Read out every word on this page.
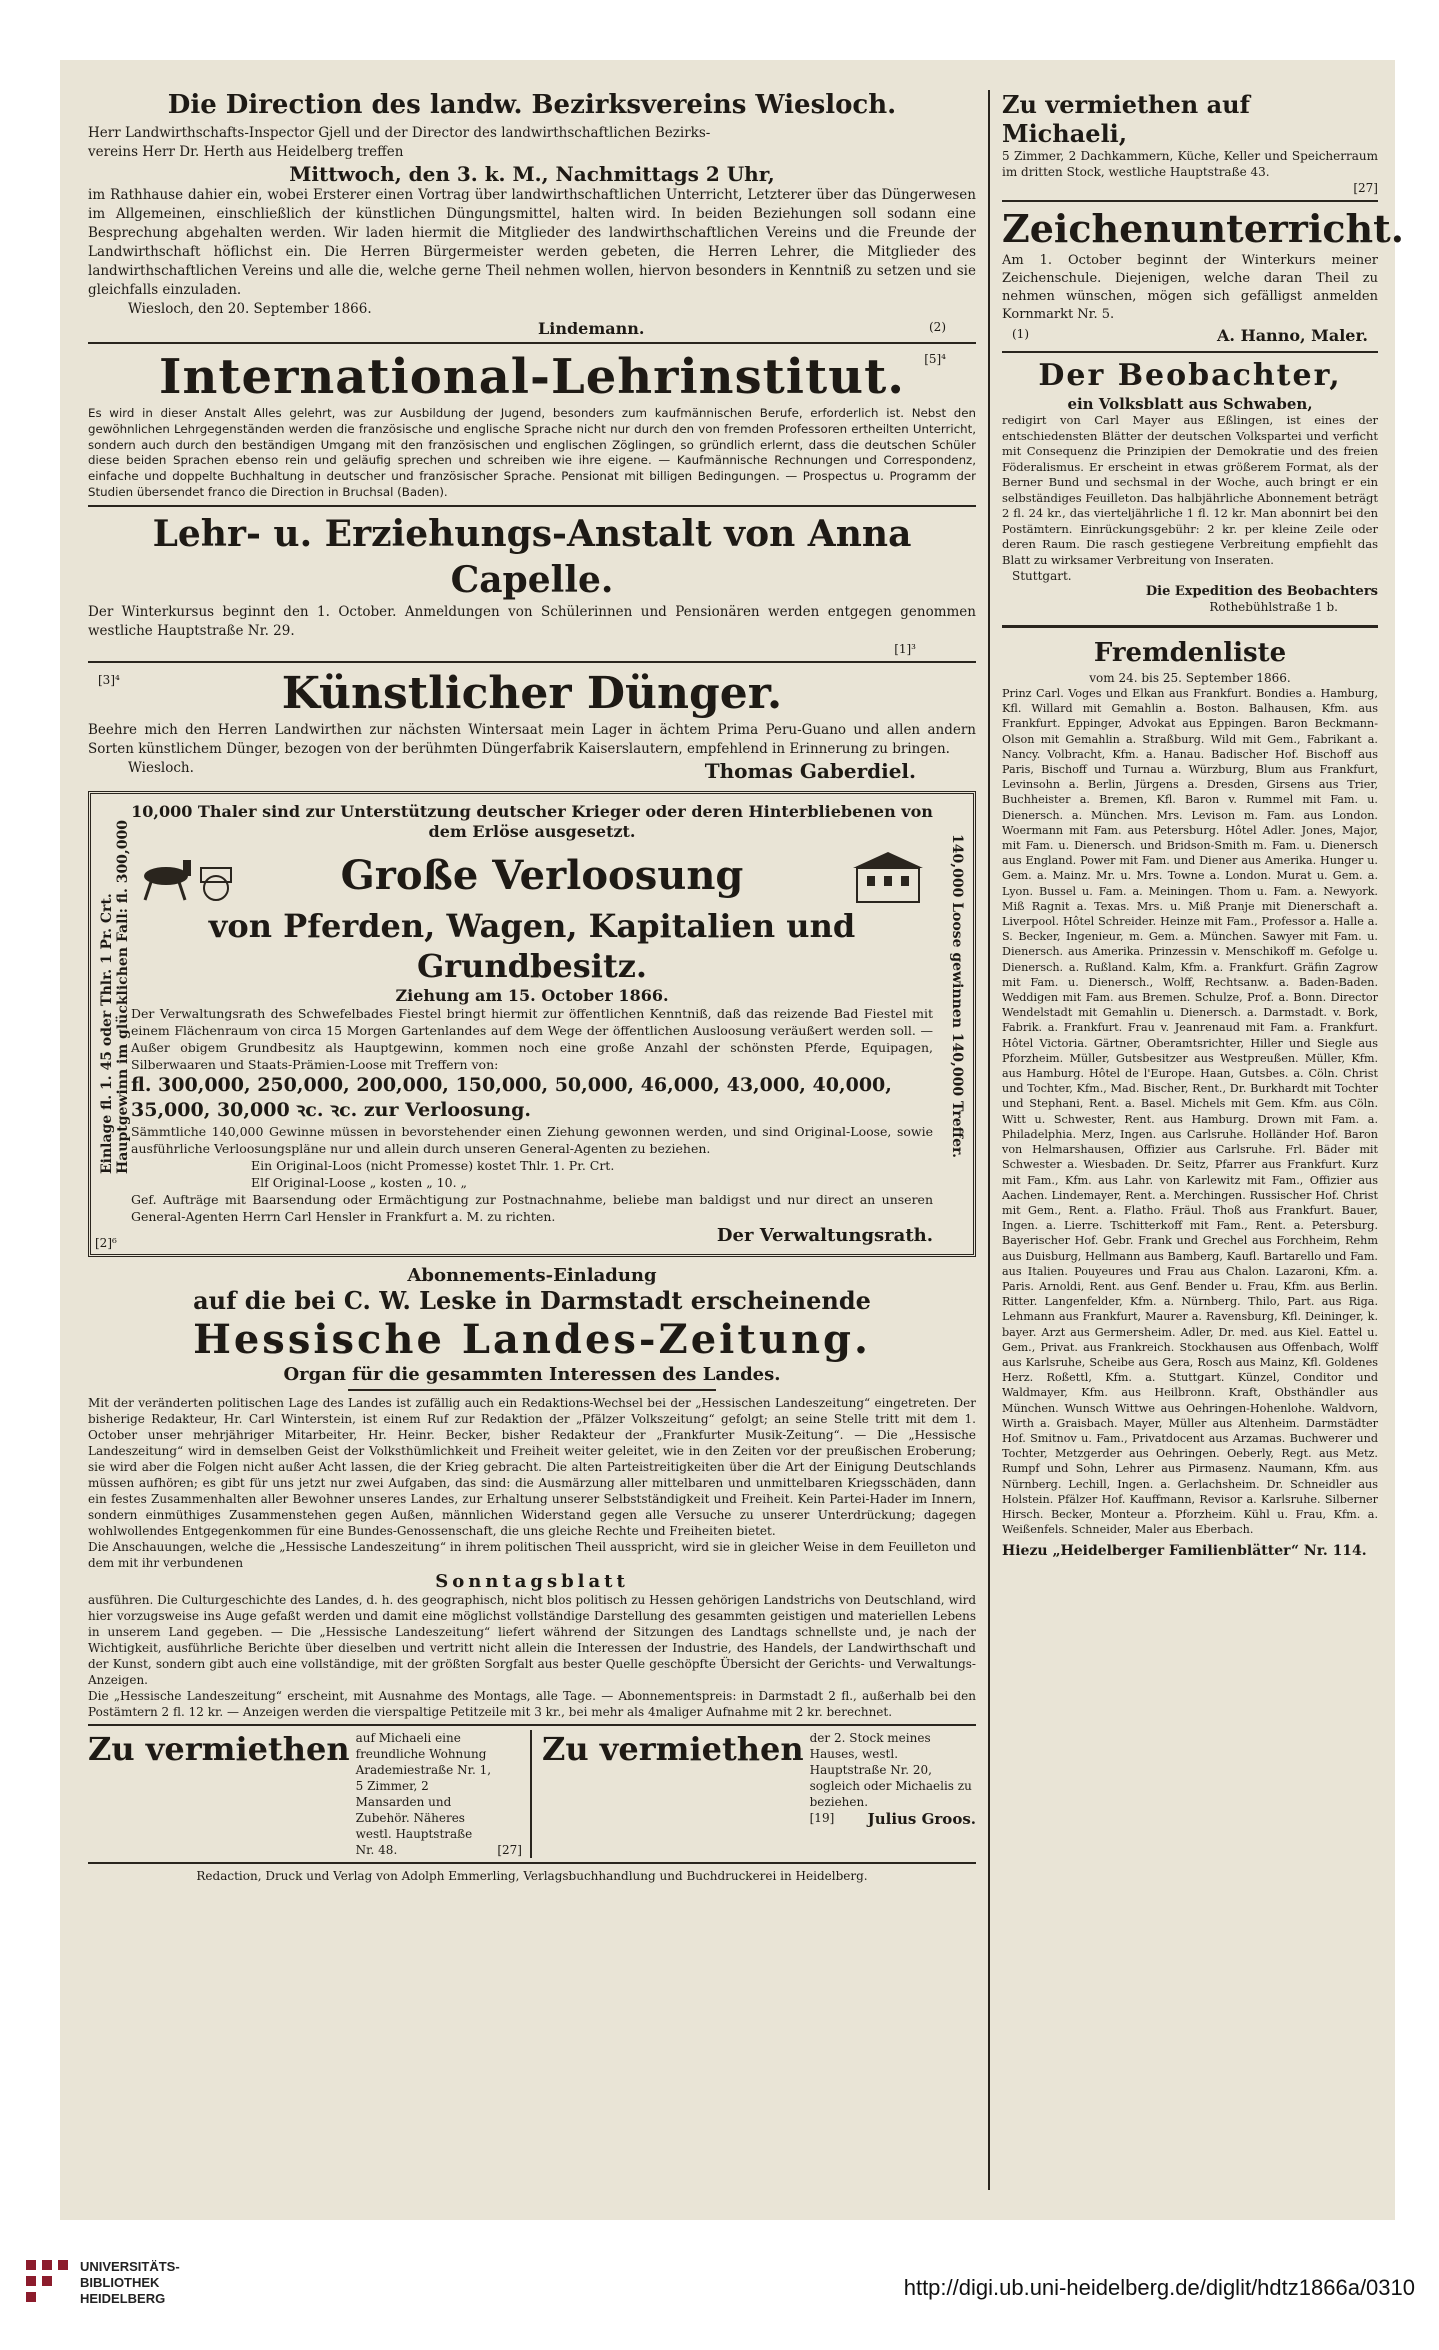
Die Direction des landw. Bezirksvereins Wiesloch.

Herr Landwirthschafts-Inspector Gjell und der Director des landwirthschaftlichen Bezirks-

vereins Herr Dr. Herth aus Heidelberg treffen

Mittwoch, den 3. k. M., Nachmittags 2 Uhr,

im Rathhause dahier ein, wobei Ersterer einen Vortrag über landwirthschaftlichen Unterricht, Letzterer über das Düngerwesen im Allgemeinen, einschließlich der künstlichen Düngungsmittel, halten wird. In beiden Beziehungen soll sodann eine Besprechung abgehalten werden. Wir laden hiermit die Mitglieder des landwirthschaftlichen Vereins und die Freunde der Landwirthschaft höflichst ein. Die Herren Bürgermeister werden gebeten, die Herren Lehrer, die Mitglieder des landwirthschaftlichen Vereins und alle die, welche gerne Theil nehmen wollen, hiervon besonders in Kenntniß zu setzen und sie gleichfalls einzuladen.

Wiesloch, den 20. September 1866.

Lindemann.	(2)

International-Lehrinstitut.	[5]⁴

Es wird in dieser Anstalt Alles gelehrt, was zur Ausbildung der Jugend, besonders zum kaufmännischen Berufe, erforderlich ist. Nebst den gewöhnlichen Lehrgegenständen werden die französische und englische Sprache nicht nur durch den von fremden Professoren ertheilten Unterricht, sondern auch durch den beständigen Umgang mit den französischen und englischen Zöglingen, so gründlich erlernt, dass die deutschen Schüler diese beiden Sprachen ebenso rein und geläufig sprechen und schreiben wie ihre eigene. — Kaufmännische Rechnungen und Correspondenz, einfache und doppelte Buchhaltung in deutscher und französischer Sprache. Pensionat mit billigen Bedingungen. — Prospectus u. Programm der Studien übersendet franco die Direction in Bruchsal (Baden).

Lehr- u. Erziehungs-Anstalt von Anna Capelle.

Der Winterkursus beginnt den 1. October. Anmeldungen von Schülerinnen und Pensionären werden entgegen genommen westliche Hauptstraße Nr. 29.

[1]³

[3]⁴	Künstlicher Dünger.

Beehre mich den Herren Landwirthen zur nächsten Wintersaat mein Lager in ächtem Prima Peru-Guano und allen andern Sorten künstlichem Dünger, bezogen von der berühmten Düngerfabrik Kaiserslautern, empfehlend in Erinnerung zu bringen.

Wiesloch.	Thomas Gaberdiel.
Einlage fl. 1. 45 oder Thlr. 1 Pr. Crt. Hauptgewinn im glücklichen Fall: fl. 300,000	140,000 Loose gewinnen 140,000 Treffer.

10,000 Thaler sind zur Unterstützung deutscher Krieger oder deren Hinterbliebenen von dem Erlöse ausgesetzt.

Große Verloosung

von Pferden, Wagen, Kapitalien und Grundbesitz.

Ziehung am 15. October 1866.

Der Verwaltungsrath des Schwefelbades Fiestel bringt hiermit zur öffentlichen Kenntniß, daß das reizende Bad Fiestel mit einem Flächenraum von circa 15 Morgen Gartenlandes auf dem Wege der öffentlichen Ausloosung veräußert werden soll. — Außer obigem Grundbesitz als Hauptgewinn, kommen noch eine große Anzahl der schönsten Pferde, Equipagen, Silberwaaren und Staats-Prämien-Loose mit Treffern von:

fl. 300,000, 250,000, 200,000, 150,000, 50,000, 46,000, 43,000, 40,000, 35,000, 30,000 ꝛc. ꝛc. zur Verloosung.

Sämmtliche 140,000 Gewinne müssen in bevorstehender einen Ziehung gewonnen werden, und sind Original-Loose, sowie ausführliche Verloosungspläne nur und allein durch unseren General-Agenten zu beziehen.

Ein Original-Loos (nicht Promesse) kostet Thlr. 1. Pr. Crt.

Elf Original-Loose „ kosten „ 10. „

Gef. Aufträge mit Baarsendung oder Ermächtigung zur Postnachnahme, beliebe man baldigst und nur direct an unseren General-Agenten Herrn Carl Hensler in Frankfurt a. M. zu richten.

Der Verwaltungsrath.

[2]⁶

Abonnements-Einladung

auf die bei C. W. Leske in Darmstadt erscheinende

Hessische Landes-Zeitung.

Organ für die gesammten Interessen des Landes.

Mit der veränderten politischen Lage des Landes ist zufällig auch ein Redaktions-Wechsel bei der „Hessischen Landeszeitung“ eingetreten. Der bisherige Redakteur, Hr. Carl Winterstein, ist einem Ruf zur Redaktion der „Pfälzer Volkszeitung“ gefolgt; an seine Stelle tritt mit dem 1. October unser mehrjähriger Mitarbeiter, Hr. Heinr. Becker, bisher Redakteur der „Frankfurter Musik-Zeitung“. — Die „Hessische Landeszeitung“ wird in demselben Geist der Volksthümlichkeit und Freiheit weiter geleitet, wie in den Zeiten vor der preußischen Eroberung; sie wird aber die Folgen nicht außer Acht lassen, die der Krieg gebracht. Die alten Parteistreitigkeiten über die Art der Einigung Deutschlands müssen aufhören; es gibt für uns jetzt nur zwei Aufgaben, das sind: die Ausmärzung aller mittelbaren und unmittelbaren Kriegsschäden, dann ein festes Zusammenhalten aller Bewohner unseres Landes, zur Erhaltung unserer Selbstständigkeit und Freiheit. Kein Partei-Hader im Innern, sondern einmüthiges Zusammenstehen gegen Außen, männlichen Widerstand gegen alle Versuche zu unserer Unterdrückung; dagegen wohlwollendes Entgegenkommen für eine Bundes-Genossenschaft, die uns gleiche Rechte und Freiheiten bietet.

Die Anschauungen, welche die „Hessische Landeszeitung“ in ihrem politischen Theil ausspricht, wird sie in gleicher Weise in dem Feuilleton und dem mit ihr verbundenen

Sonntagsblatt

ausführen. Die Culturgeschichte des Landes, d. h. des geographisch, nicht blos politisch zu Hessen gehörigen Landstrichs von Deutschland, wird hier vorzugsweise ins Auge gefaßt werden und damit eine möglichst vollständige Darstellung des gesammten geistigen und materiellen Lebens in unserem Land gegeben. — Die „Hessische Landeszeitung“ liefert während der Sitzungen des Landtags schnellste und, je nach der Wichtigkeit, ausführliche Berichte über dieselben und vertritt nicht allein die Interessen der Industrie, des Handels, der Landwirthschaft und der Kunst, sondern gibt auch eine vollständige, mit der größten Sorgfalt aus bester Quelle geschöpfte Übersicht der Gerichts- und Verwaltungs-Anzeigen.

Die „Hessische Landeszeitung“ erscheint, mit Ausnahme des Montags, alle Tage. — Abonnementspreis: in Darmstadt 2 fl., außerhalb bei den Postämtern 2 fl. 12 kr. — Anzeigen werden die vierspaltige Petitzeile mit 3 kr., bei mehr als 4maliger Aufnahme mit 2 kr. berechnet.

Zu vermiethen auf Michaeli eine freundliche Wohnung Arademiestraße Nr. 1, 5 Zimmer, 2 Mansarden und Zubehör. Näheres westl. Hauptstraße Nr. 48.	[27]

Zu vermiethen der 2. Stock meines Hauses, westl. Hauptstraße Nr. 20, sogleich oder Michaelis zu beziehen.

[19] Julius Groos.

Redaction, Druck und Verlag von Adolph Emmerling, Verlagsbuchhandlung und Buchdruckerei in Heidelberg.

Zu vermiethen auf Michaeli,

5 Zimmer, 2 Dachkammern, Küche, Keller und Speicherraum im dritten Stock, westliche Hauptstraße 43.

[27]

Zeichenunterricht.

Am 1. October beginnt der Winterkurs meiner Zeichenschule. Diejenigen, welche daran Theil zu nehmen wünschen, mögen sich gefälligst anmelden Kornmarkt Nr. 5.

(1)	A. Hanno, Maler.

Der Beobachter,

ein Volksblatt aus Schwaben,

redigirt von Carl Mayer aus Eßlingen, ist eines der entschiedensten Blätter der deutschen Volkspartei und verficht mit Consequenz die Prinzipien der Demokratie und des freien Föderalismus. Er erscheint in etwas größerem Format, als der Berner Bund und sechsmal in der Woche, auch bringt er ein selbständiges Feuilleton. Das halbjährliche Abonnement beträgt 2 fl. 24 kr., das vierteljährliche 1 fl. 12 kr. Man abonnirt bei den Postämtern. Einrückungsgebühr: 2 kr. per kleine Zeile oder deren Raum. Die rasch gestiegene Verbreitung empfiehlt das Blatt zu wirksamer Verbreitung von Inseraten.

Stuttgart.

Die Expedition des Beobachters

Rothebühlstraße 1 b.

Fremdenliste

vom 24. bis 25. September 1866.

Prinz Carl. Voges und Elkan aus Frankfurt. Bondies a. Hamburg, Kfl. Willard mit Gemahlin a. Boston. Balhausen, Kfm. aus Frankfurt. Eppinger, Advokat aus Eppingen. Baron Beckmann-Olson mit Gemahlin a. Straßburg. Wild mit Gem., Fabrikant a. Nancy. Volbracht, Kfm. a. Hanau. Badischer Hof. Bischoff aus Paris, Bischoff und Turnau a. Würzburg, Blum aus Frankfurt, Levinsohn a. Berlin, Jürgens a. Dresden, Girsens aus Trier, Buchheister a. Bremen, Kfl. Baron v. Rummel mit Fam. u. Dienersch. a. München. Mrs. Levison m. Fam. aus London. Woermann mit Fam. aus Petersburg. Hôtel Adler. Jones, Major, mit Fam. u. Dienersch. und Bridson-Smith m. Fam. u. Dienersch aus England. Power mit Fam. und Diener aus Amerika. Hunger u. Gem. a. Mainz. Mr. u. Mrs. Towne a. London. Murat u. Gem. a. Lyon. Bussel u. Fam. a. Meiningen. Thom u. Fam. a. Newyork. Miß Ragnit a. Texas. Mrs. u. Miß Pranje mit Dienerschaft a. Liverpool. Hôtel Schreider. Heinze mit Fam., Professor a. Halle a. S. Becker, Ingenieur, m. Gem. a. München. Sawyer mit Fam. u. Dienersch. aus Amerika. Prinzessin v. Menschikoff m. Gefolge u. Dienersch. a. Rußland. Kalm, Kfm. a. Frankfurt. Gräfin Zagrow mit Fam. u. Dienersch., Wolff, Rechtsanw. a. Baden-Baden. Weddigen mit Fam. aus Bremen. Schulze, Prof. a. Bonn. Director Wendelstadt mit Gemahlin u. Dienersch. a. Darmstadt. v. Bork, Fabrik. a. Frankfurt. Frau v. Jeanrenaud mit Fam. a. Frankfurt. Hôtel Victoria. Gärtner, Oberamtsrichter, Hiller und Siegle aus Pforzheim. Müller, Gutsbesitzer aus Westpreußen. Müller, Kfm. aus Hamburg. Hôtel de l'Europe. Haan, Gutsbes. a. Cöln. Christ und Tochter, Kfm., Mad. Bischer, Rent., Dr. Burkhardt mit Tochter und Stephani, Rent. a. Basel. Michels mit Gem. Kfm. aus Cöln. Witt u. Schwester, Rent. aus Hamburg. Drown mit Fam. a. Philadelphia. Merz, Ingen. aus Carlsruhe. Holländer Hof. Baron von Helmarshausen, Offizier aus Carlsruhe. Frl. Bäder mit Schwester a. Wiesbaden. Dr. Seitz, Pfarrer aus Frankfurt. Kurz mit Fam., Kfm. aus Lahr. von Karlewitz mit Fam., Offizier aus Aachen. Lindemayer, Rent. a. Merchingen. Russischer Hof. Christ mit Gem., Rent. a. Flatho. Fräul. Thoß aus Frankfurt. Bauer, Ingen. a. Lierre. Tschitterkoff mit Fam., Rent. a. Petersburg. Bayerischer Hof. Gebr. Frank und Grechel aus Forchheim, Rehm aus Duisburg, Hellmann aus Bamberg, Kaufl. Bartarello und Fam. aus Italien. Pouyeures und Frau aus Chalon. Lazaroni, Kfm. a. Paris. Arnoldi, Rent. aus Genf. Bender u. Frau, Kfm. aus Berlin. Ritter. Langenfelder, Kfm. a. Nürnberg. Thilo, Part. aus Riga. Lehmann aus Frankfurt, Maurer a. Ravensburg, Kfl. Deininger, k. bayer. Arzt aus Germersheim. Adler, Dr. med. aus Kiel. Eattel u. Gem., Privat. aus Frankreich. Stockhausen aus Offenbach, Wolff aus Karlsruhe, Scheibe aus Gera, Rosch aus Mainz, Kfl. Goldenes Herz. Roßettl, Kfm. a. Stuttgart. Künzel, Conditor und Waldmayer, Kfm. aus Heilbronn. Kraft, Obsthändler aus München. Wunsch Wittwe aus Oehringen-Hohenlohe. Waldvorn, Wirth a. Graisbach. Mayer, Müller aus Altenheim. Darmstädter Hof. Smitnov u. Fam., Privatdocent aus Arzamas. Buchwerer und Tochter, Metzgerder aus Oehringen. Oeberly, Regt. aus Metz. Rumpf und Sohn, Lehrer aus Pirmasenz. Naumann, Kfm. aus Nürnberg. Lechill, Ingen. a. Gerlachsheim. Dr. Schneidler aus Holstein. Pfälzer Hof. Kauffmann, Revisor a. Karlsruhe. Silberner Hirsch. Becker, Monteur a. Pforzheim. Kühl u. Frau, Kfm. a. Weißenfels. Schneider, Maler aus Eberbach.

Hiezu „Heidelberger Familienblätter“ Nr. 114.

UNIVERSITÄTS-
BIBLIOTHEK
HEIDELBERG	http://digi.ub.uni-heidelberg.de/diglit/hdtz1866a/0310
